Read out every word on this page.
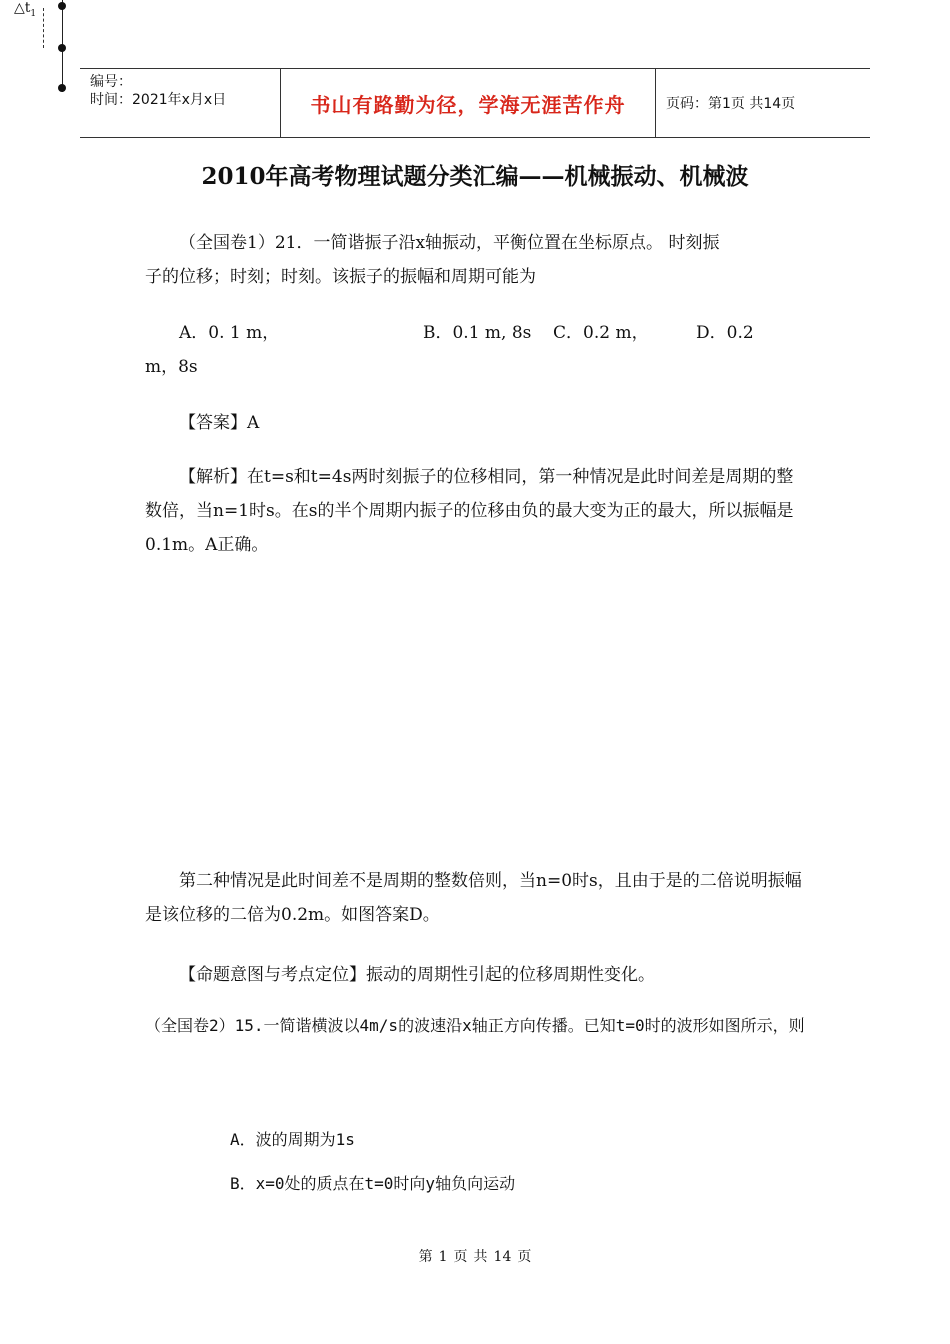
$\triangle t_1$
编号：
时间：2021年x月x日	书山有路勤为径，学海无涯苦作舟	页码：第1页 共14页
2010年高考物理试题分类汇编——机械振动、机械波
（全国卷1）21．一简谐振子沿x轴振动，平衡位置在坐标原点。 时刻振
子的位移；时刻；时刻。该振子的振幅和周期可能为
A．0. 1 m，	B．0.1 m, 8s C．0.2 m，	D．0.2
m，8s
【答案】A
【解析】在t=s和t=4s两时刻振子的位移相同，第一种情况是此时间差是周期的整数倍，当n=1时s。在s的半个周期内振子的位移由负的最大变为正的最大，所以振幅是0.1m。A正确。
第二种情况是此时间差不是周期的整数倍则，当n=0时s，且由于是的二倍说明振幅是该位移的二倍为0.2m。如图答案D。
【命题意图与考点定位】振动的周期性引起的位移周期性变化。
（全国卷2）15.一简谐横波以4m/s的波速沿x轴正方向传播。已知t=0时的波形如图所示，则
A．波的周期为1s
B．x=0处的质点在t=0时向y轴负向运动
第 1 页 共 14 页
